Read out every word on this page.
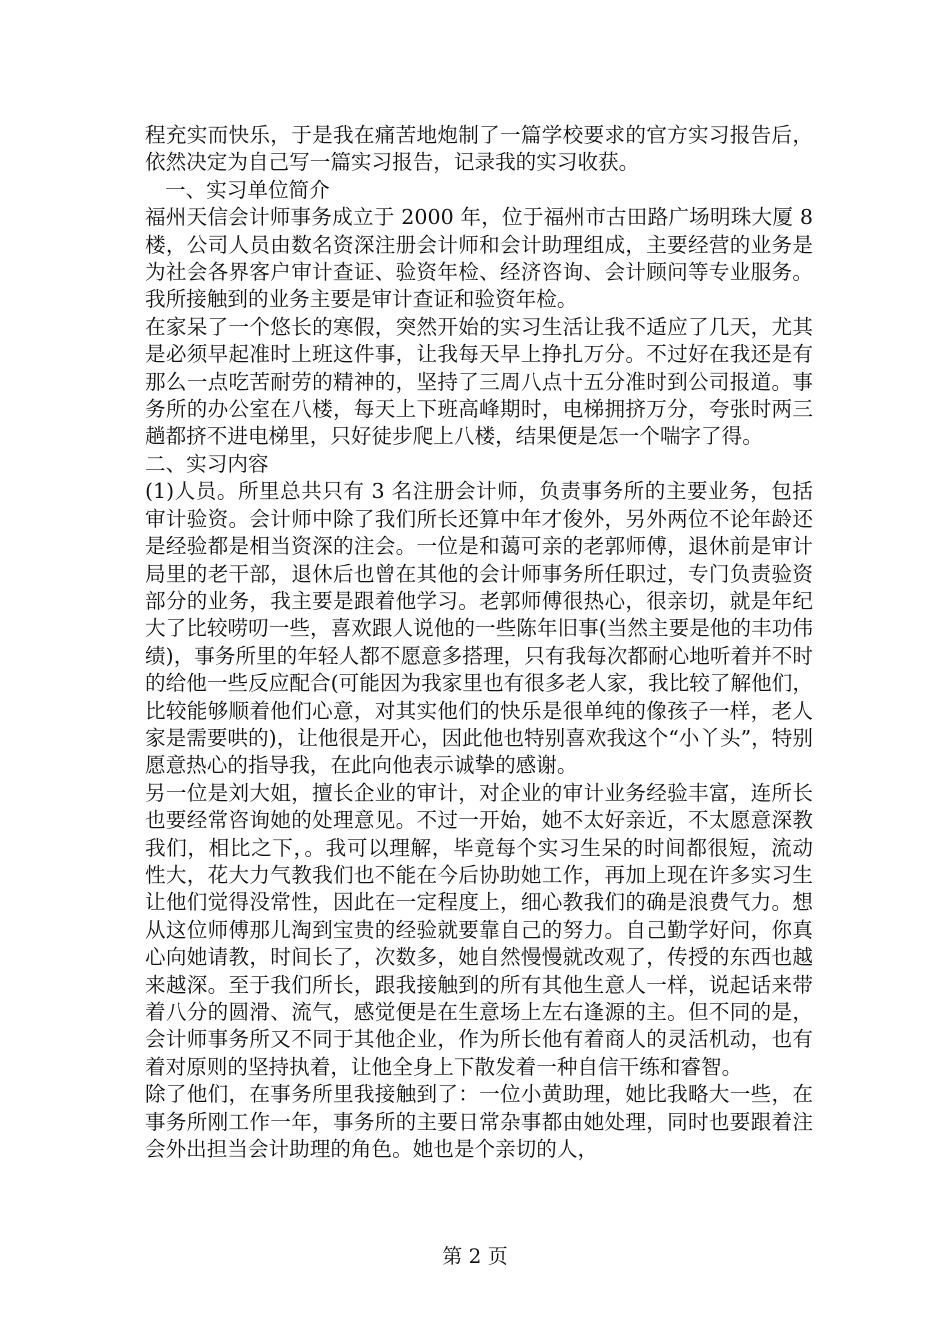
程充实而快乐，于是我在痛苦地炮制了一篇学校要求的官方实习报告后，依然决定为自己写一篇实习报告，记录我的实习收获。

一、实习单位简介

福州天信会计师事务成立于 2000 年，位于福州市古田路广场明珠大厦 8 楼，公司人员由数名资深注册会计师和会计助理组成，主要经营的业务是为社会各界客户审计查证、验资年检、经济咨询、会计顾问等专业服务。我所接触到的业务主要是审计查证和验资年检。

在家呆了一个悠长的寒假，突然开始的实习生活让我不适应了几天，尤其是必须早起准时上班这件事，让我每天早上挣扎万分。不过好在我还是有那么一点吃苦耐劳的精神的，坚持了三周八点十五分准时到公司报道。事务所的办公室在八楼，每天上下班高峰期时，电梯拥挤万分，夸张时两三趟都挤不进电梯里，只好徒步爬上八楼，结果便是怎一个喘字了得。

二、实习内容

(1)人员。所里总共只有 3 名注册会计师，负责事务所的主要业务，包括审计验资。会计师中除了我们所长还算中年才俊外，另外两位不论年龄还是经验都是相当资深的注会。一位是和蔼可亲的老郭师傅，退休前是审计局里的老干部，退休后也曾在其他的会计师事务所任职过，专门负责验资部分的业务，我主要是跟着他学习。老郭师傅很热心，很亲切，就是年纪大了比较唠叨一些，喜欢跟人说他的一些陈年旧事(当然主要是他的丰功伟绩)，事务所里的年轻人都不愿意多搭理，只有我每次都耐心地听着并不时的给他一些反应配合(可能因为我家里也有很多老人家，我比较了解他们，比较能够顺着他们心意，对其实他们的快乐是很单纯的像孩子一样，老人家是需要哄的)，让他很是开心，因此他也特别喜欢我这个“小丫头”，特别愿意热心的指导我，在此向他表示诚挚的感谢。

另一位是刘大姐，擅长企业的审计，对企业的审计业务经验丰富，连所长也要经常咨询她的处理意见。不过一开始，她不太好亲近，不太愿意深教我们，相比之下，。我可以理解，毕竟每个实习生呆的时间都很短，流动性大，花大力气教我们也不能在今后协助她工作，再加上现在许多实习生让他们觉得没常性，因此在一定程度上，细心教我们的确是浪费气力。想从这位师傅那儿淘到宝贵的经验就要靠自己的努力。自己勤学好问，你真心向她请教，时间长了，次数多，她自然慢慢就改观了，传授的东西也越来越深。至于我们所长，跟我接触到的所有其他生意人一样，说起话来带着八分的圆滑、流气，感觉便是在生意场上左右逢源的主。但不同的是，会计师事务所又不同于其他企业，作为所长他有着商人的灵活机动，也有着对原则的坚持执着，让他全身上下散发着一种自信干练和睿智。

除了他们，在事务所里我接触到了：一位小黄助理，她比我略大一些，在事务所刚工作一年，事务所的主要日常杂事都由她处理，同时也要跟着注会外出担当会计助理的角色。她也是个亲切的人，

第 2 页
